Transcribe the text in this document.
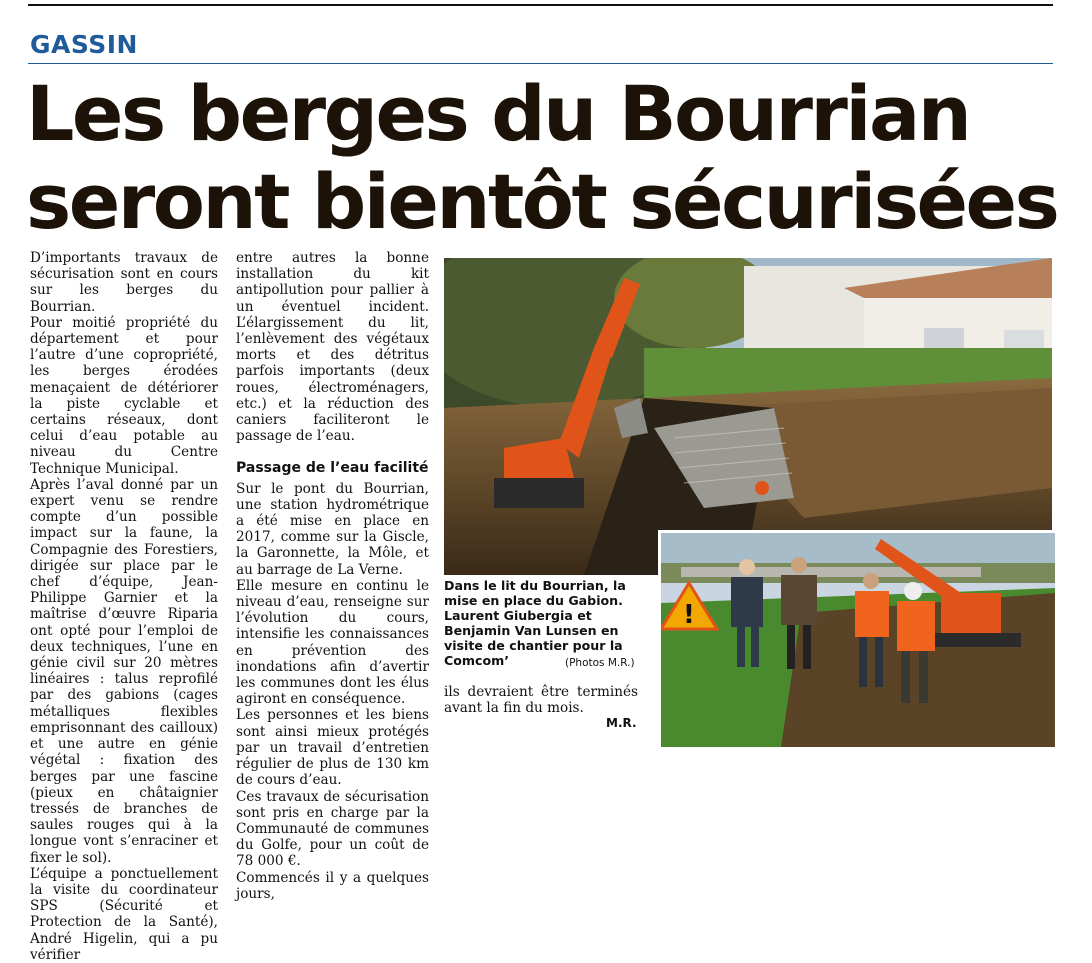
GASSIN
Les berges du Bourrian
seront bientôt sécurisées

D’importants travaux de sécurisation sont en cours sur les berges du Bourrian.

Pour moitié propriété du département et pour l’autre d’une copropriété, les berges érodées menaçaient de détériorer la piste cyclable et certains réseaux, dont celui d’eau potable au niveau du Centre Technique Municipal.

Après l’aval donné par un expert venu se rendre compte d’un possible impact sur la faune, la Compagnie des Forestiers, dirigée sur place par le chef d’équipe, Jean-Philippe Garnier et la maîtrise d’œuvre Riparia ont opté pour l’emploi de deux techniques, l’une en génie civil sur 20 mètres linéaires : talus reprofilé par des gabions (cages métalliques flexibles emprisonnant des cailloux) et une autre en génie végétal : fixation des berges par une fascine (pieux en châtaignier tressés de branches de saules rouges qui à la longue vont s’enraciner et fixer le sol).

L’équipe a ponctuellement la visite du coordinateur SPS (Sécurité et Protection de la Santé), André Higelin, qui a pu vérifier

entre autres la bonne installation du kit antipollution pour pallier à un éventuel incident. L’élargissement du lit, l’enlèvement des végétaux morts et des détritus parfois importants (deux roues, électroménagers, etc.) et la réduction des caniers faciliteront le passage de l’eau.

Passage de l’eau facilité

Sur le pont du Bourrian, une station hydrométrique a été mise en place en 2017, comme sur la Giscle, la Garonnette, la Môle, et au barrage de La Verne.

Elle mesure en continu le niveau d’eau, renseigne sur l’évolution du cours, intensifie les connaissances en prévention des inondations afin d’avertir les communes dont les élus agiront en conséquence.

Les personnes et les biens sont ainsi mieux protégés par un travail d’entretien régulier de plus de 130 km de cours d’eau.

Ces travaux de sécurisation sont pris en charge par la Communauté de communes du Golfe, pour un coût de 78 000 €.

Commencés il y a quelques jours,

Dans le lit du Bourrian, la mise en place du Gabion. Laurent Giubergia et Benjamin Van Lunsen en visite de chantier pour la Comcom’	(Photos M.R.)
!
ils devraient être terminés avant la fin du mois.
M.R.
